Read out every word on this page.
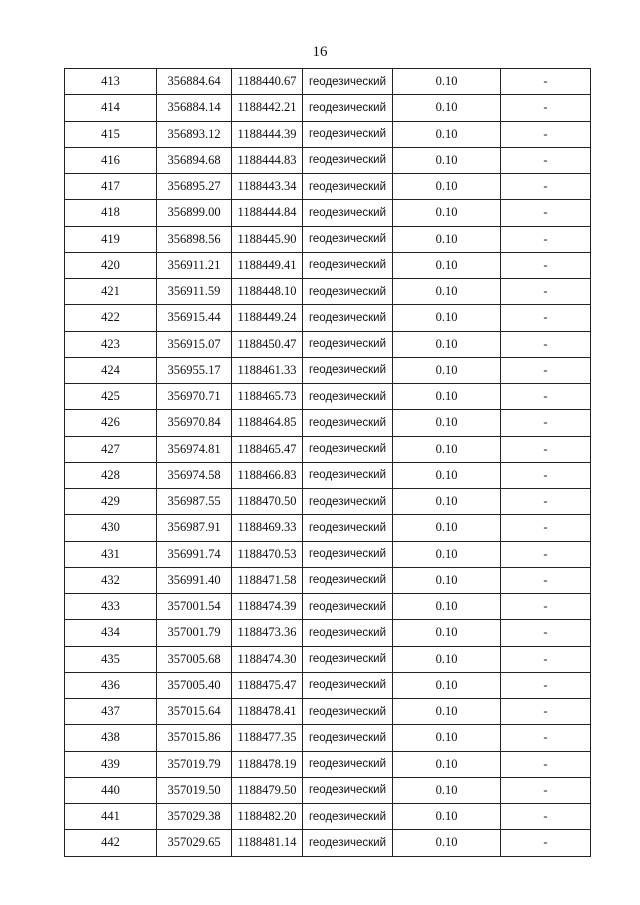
16
413	356884.64	1188440.67	геодезический	0.10	-
414	356884.14	1188442.21	геодезический	0.10	-
415	356893.12	1188444.39	геодезический	0.10	-
416	356894.68	1188444.83	геодезический	0.10	-
417	356895.27	1188443.34	геодезический	0.10	-
418	356899.00	1188444.84	геодезический	0.10	-
419	356898.56	1188445.90	геодезический	0.10	-
420	356911.21	1188449.41	геодезический	0.10	-
421	356911.59	1188448.10	геодезический	0.10	-
422	356915.44	1188449.24	геодезический	0.10	-
423	356915.07	1188450.47	геодезический	0.10	-
424	356955.17	1188461.33	геодезический	0.10	-
425	356970.71	1188465.73	геодезический	0.10	-
426	356970.84	1188464.85	геодезический	0.10	-
427	356974.81	1188465.47	геодезический	0.10	-
428	356974.58	1188466.83	геодезический	0.10	-
429	356987.55	1188470.50	геодезический	0.10	-
430	356987.91	1188469.33	геодезический	0.10	-
431	356991.74	1188470.53	геодезический	0.10	-
432	356991.40	1188471.58	геодезический	0.10	-
433	357001.54	1188474.39	геодезический	0.10	-
434	357001.79	1188473.36	геодезический	0.10	-
435	357005.68	1188474.30	геодезический	0.10	-
436	357005.40	1188475.47	геодезический	0.10	-
437	357015.64	1188478.41	геодезический	0.10	-
438	357015.86	1188477.35	геодезический	0.10	-
439	357019.79	1188478.19	геодезический	0.10	-
440	357019.50	1188479.50	геодезический	0.10	-
441	357029.38	1188482.20	геодезический	0.10	-
442	357029.65	1188481.14	геодезический	0.10	-
